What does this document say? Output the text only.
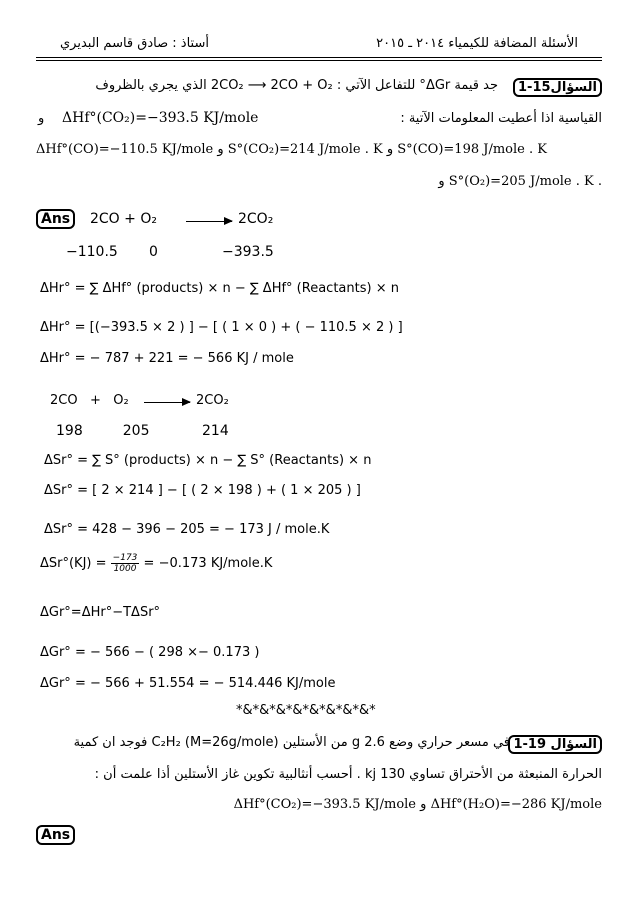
الأسئلة المضافة للكيمياء ٢٠١٤ ـ ٢٠١٥
أستاذ : صادق قاسم البديري
السؤال15-1
جد قيمة ΔGr° للتفاعل الآتي : 2CO₂ ⟶ 2CO + O₂ الذي يجري بالظروف
القياسية اذا أعطيت المعلومات الآتية :
ΔHf°(CO₂)=−393.5 KJ/mole
و
S°(CO)=198 J/mole . K و S°(CO₂)=214 J/mole . K و ΔHf°(CO)=−110.5 KJ/mole
. S°(O₂)=205 J/mole . K و
Ans	2CO + O₂	2CO₂
−110.5       0	−393.5
ΔHr° = ∑ ΔHf° (products) × n − ∑ ΔHf° (Reactants) × n
ΔHr° = [(−393.5 × 2 ) ] − [ ( 1 × 0 ) + ( − 110.5 × 2 ) ]
ΔHr° = − 787 + 221 = − 566 KJ / mole
2CO   +   O₂	2CO₂
198         205	214
ΔSr° = ∑ S° (products) × n − ∑ S° (Reactants) × n
ΔSr° = [ 2 × 214 ] − [ ( 2 × 198 ) + ( 1 × 205 ) ]
ΔSr° = 428 − 396 − 205 = − 173 J / mole.K
$\Delta Sr^\circ(KJ) = \frac{-173}{1000} = -0.173$ KJ/mole.K
ΔGr°=ΔHr°−TΔSr°
ΔGr° = − 566 − ( 298 ×− 0.173 )
ΔGr° = − 566 + 51.554 = − 514.446 KJ/mole
*&*&*&*&*&*&*&*&*
السؤال 19-1
في مسعر حراري وضع 2.6 g من الأستلين C₂H₂ (M=26g/mole) فوجد ان كمية
الحرارة المنبعثة من الأحتراق تساوي 130 kj . أحسب أنثالبية تكوين غاز الأستلين أذا علمت أن :
ΔHf°(H₂O)=−286 KJ/mole و ΔHf°(CO₂)=−393.5 KJ/mole
Ans
